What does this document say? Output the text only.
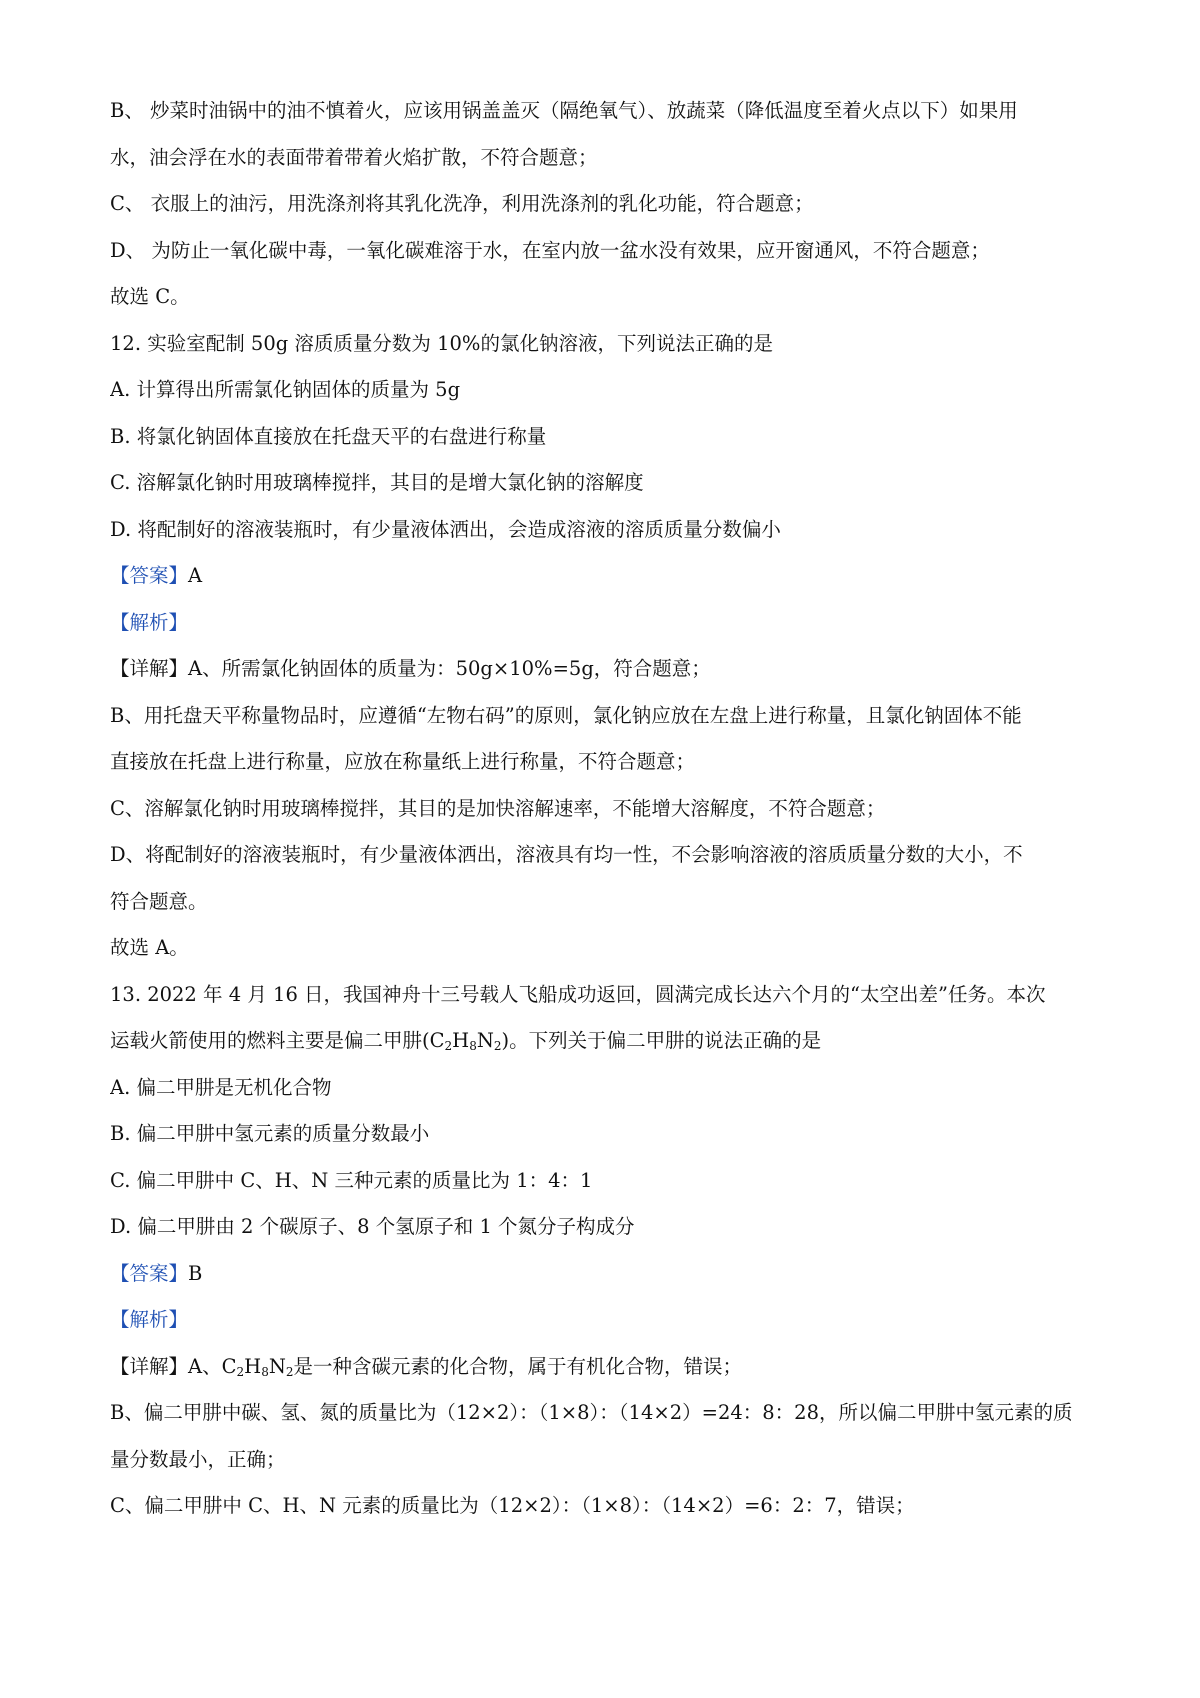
B、 炒菜时油锅中的油不慎着火，应该用锅盖盖灭（隔绝氧气）、放蔬菜（降低温度至着火点以下）如果用
水，油会浮在水的表面带着带着火焰扩散，不符合题意；
C、 衣服上的油污，用洗涤剂将其乳化洗净，利用洗涤剂的乳化功能，符合题意；
D、 为防止一氧化碳中毒，一氧化碳难溶于水，在室内放一盆水没有效果，应开窗通风，不符合题意；
故选 C。
12. 实验室配制 50g 溶质质量分数为 10%的氯化钠溶液，下列说法正确的是
A. 计算得出所需氯化钠固体的质量为 5g
B. 将氯化钠固体直接放在托盘天平的右盘进行称量
C. 溶解氯化钠时用玻璃棒搅拌，其目的是增大氯化钠的溶解度
D. 将配制好的溶液装瓶时，有少量液体洒出，会造成溶液的溶质质量分数偏小
【答案】A
【解析】
【详解】A、所需氯化钠固体的质量为：50g×10%=5g，符合题意；
B、用托盘天平称量物品时，应遵循“左物右码”的原则，氯化钠应放在左盘上进行称量，且氯化钠固体不能
直接放在托盘上进行称量，应放在称量纸上进行称量，不符合题意；
C、溶解氯化钠时用玻璃棒搅拌，其目的是加快溶解速率，不能增大溶解度，不符合题意；
D、将配制好的溶液装瓶时，有少量液体洒出，溶液具有均一性，不会影响溶液的溶质质量分数的大小，不
符合题意。
故选 A。
13. 2022 年 4 月 16 日，我国神舟十三号载人飞船成功返回，圆满完成长达六个月的“太空出差”任务。本次
运载火箭使用的燃料主要是偏二甲肼$(C_2H_8N_2)$。下列关于偏二甲肼的说法正确的是
A. 偏二甲肼是无机化合物
B. 偏二甲肼中氢元素的质量分数最小
C. 偏二甲肼中 C、H、N 三种元素的质量比为 1：4：1
D. 偏二甲肼由 2 个碳原子、8 个氢原子和 1 个氮分子构成分
【答案】B
【解析】
【详解】A、$C_2H_8N_2$是一种含碳元素的化合物，属于有机化合物，错误；
B、偏二甲肼中碳、氢、氮的质量比为（12×2）：（1×8）：（14×2）=24：8：28，所以偏二甲肼中氢元素的质
量分数最小，正确；
C、偏二甲肼中 C、H、N 元素的质量比为（12×2）：（1×8）：（14×2）=6：2：7，错误；
